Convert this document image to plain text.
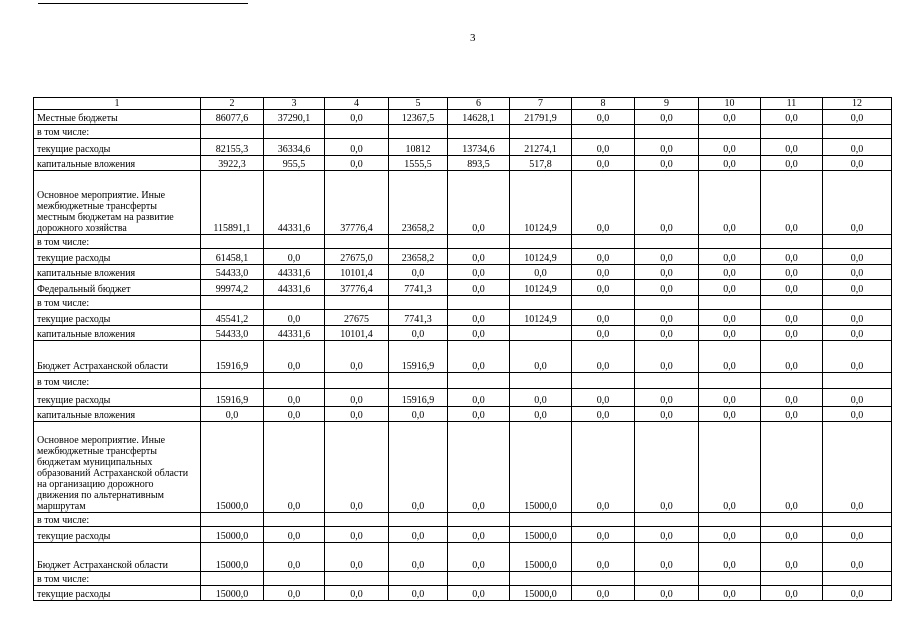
3
1	2	3	4	5	6	7	8	9	10	11	12
Местные бюджеты	86077,6	37290,1	0,0	12367,5	14628,1	21791,9	0,0	0,0	0,0	0,0	0,0
в том числе:											
текущие расходы	82155,3	36334,6	0,0	10812	13734,6	21274,1	0,0	0,0	0,0	0,0	0,0
капитальные вложения	3922,3	955,5	0,0	1555,5	893,5	517,8	0,0	0,0	0,0	0,0	0,0
Основное мероприятие. Иные межбюджетные трансферты местным бюджетам на развитие дорожного хозяйства	115891,1	44331,6	37776,4	23658,2	0,0	10124,9	0,0	0,0	0,0	0,0	0,0
в том числе:											
текущие расходы	61458,1	0,0	27675,0	23658,2	0,0	10124,9	0,0	0,0	0,0	0,0	0,0
капитальные вложения	54433,0	44331,6	10101,4	0,0	0,0	0,0	0,0	0,0	0,0	0,0	0,0
Федеральный бюджет	99974,2	44331,6	37776,4	7741,3	0,0	10124,9	0,0	0,0	0,0	0,0	0,0
в том числе:											
текущие расходы	45541,2	0,0	27675	7741,3	0,0	10124,9	0,0	0,0	0,0	0,0	0,0
капитальные вложения	54433,0	44331,6	10101,4	0,0	0,0		0,0	0,0	0,0	0,0	0,0
Бюджет Астраханской области	15916,9	0,0	0,0	15916,9	0,0	0,0	0,0	0,0	0,0	0,0	0,0
в том числе:											
текущие расходы	15916,9	0,0	0,0	15916,9	0,0	0,0	0,0	0,0	0,0	0,0	0,0
капитальные вложения	0,0	0,0	0,0	0,0	0,0	0,0	0,0	0,0	0,0	0,0	0,0
Основное мероприятие. Иные межбюджетные трансферты бюджетам муниципальных образований Астраханской области на организацию дорожного движения по альтернативным маршрутам	15000,0	0,0	0,0	0,0	0,0	15000,0	0,0	0,0	0,0	0,0	0,0
в том числе:											
текущие расходы	15000,0	0,0	0,0	0,0	0,0	15000,0	0,0	0,0	0,0	0,0	0,0
Бюджет Астраханской области	15000,0	0,0	0,0	0,0	0,0	15000,0	0,0	0,0	0,0	0,0	0,0
в том числе:											
текущие расходы	15000,0	0,0	0,0	0,0	0,0	15000,0	0,0	0,0	0,0	0,0	0,0
